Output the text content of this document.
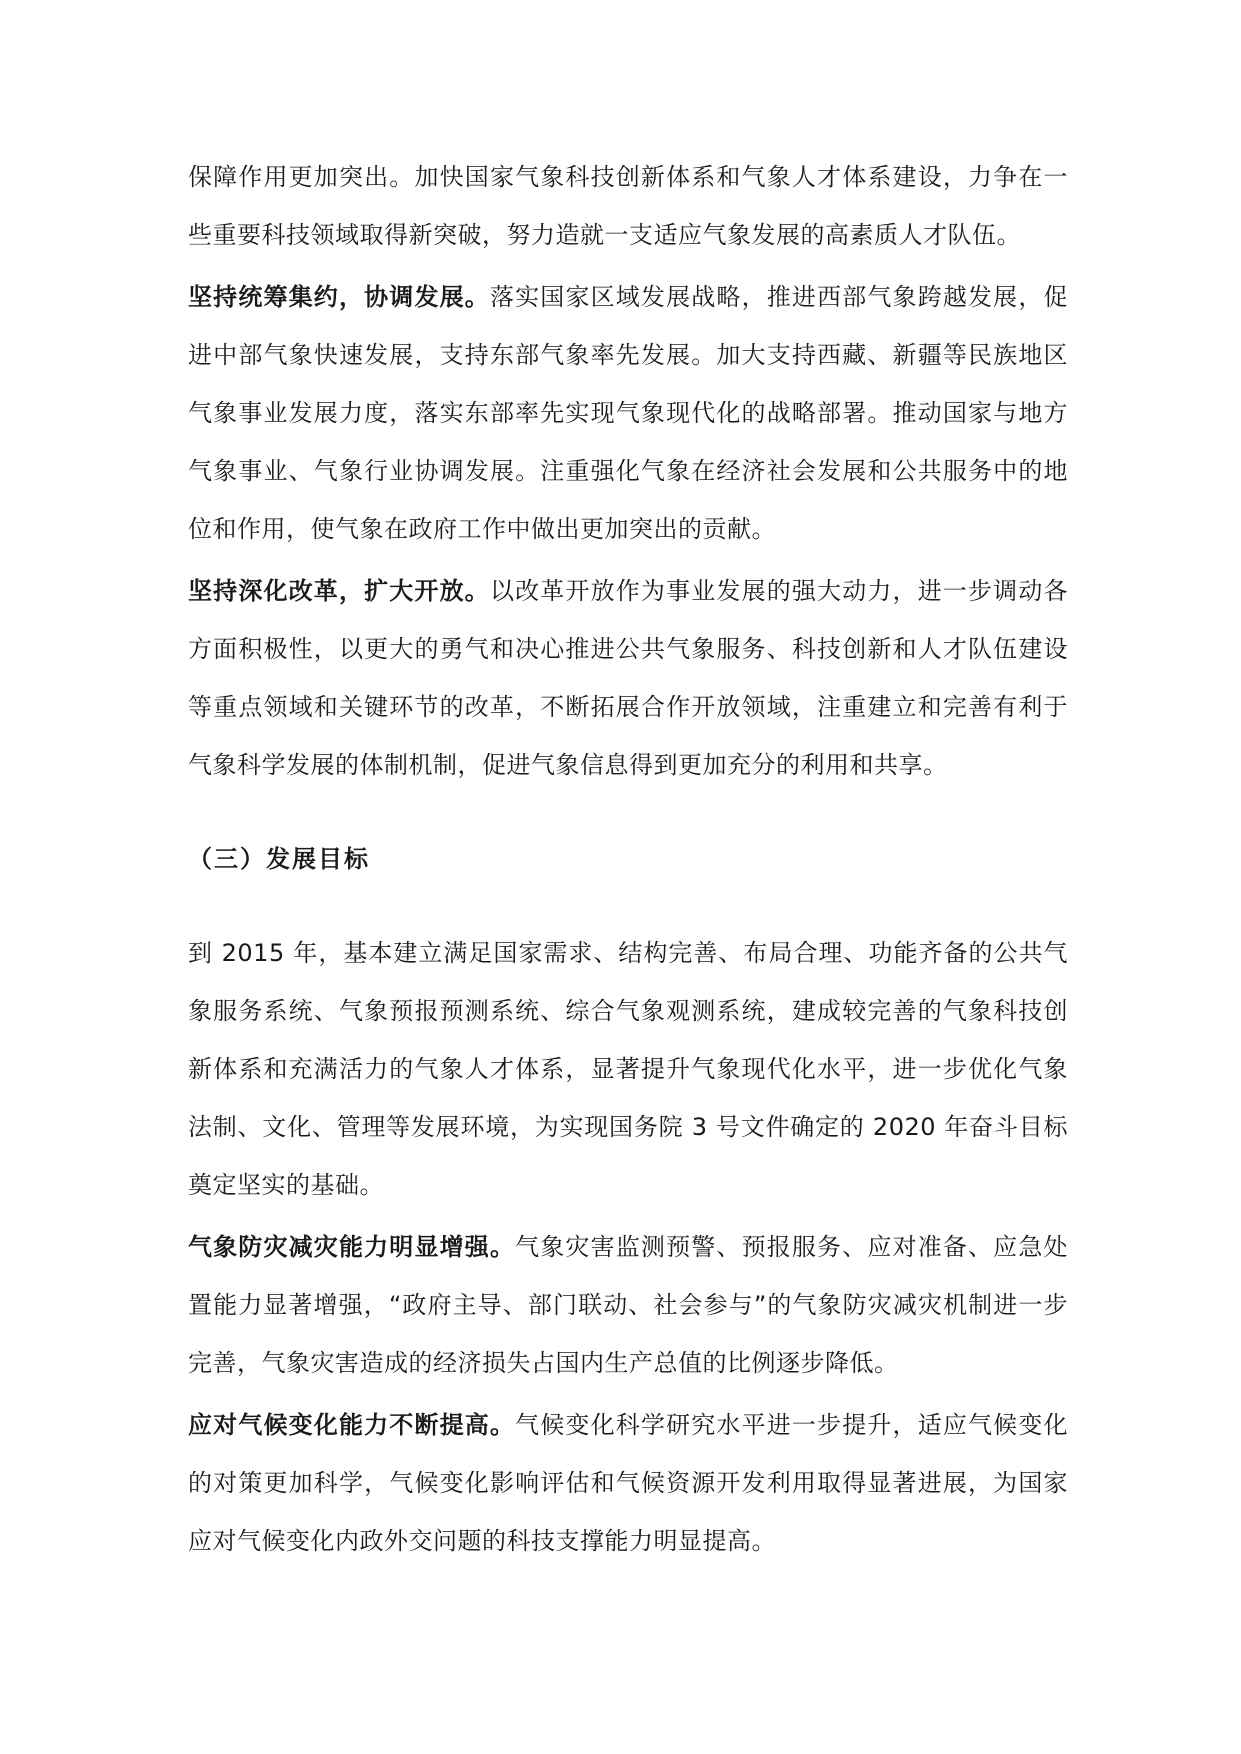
保障作用更加突出。加快国家气象科技创新体系和气象人才体系建设，力争在一些重要科技领域取得新突破，努力造就一支适应气象发展的高素质人才队伍。

坚持统筹集约，协调发展。落实国家区域发展战略，推进西部气象跨越发展，促进中部气象快速发展，支持东部气象率先发展。加大支持西藏、新疆等民族地区气象事业发展力度，落实东部率先实现气象现代化的战略部署。推动国家与地方气象事业、气象行业协调发展。注重强化气象在经济社会发展和公共服务中的地位和作用，使气象在政府工作中做出更加突出的贡献。

坚持深化改革，扩大开放。以改革开放作为事业发展的强大动力，进一步调动各方面积极性，以更大的勇气和决心推进公共气象服务、科技创新和人才队伍建设等重点领域和关键环节的改革，不断拓展合作开放领域，注重建立和完善有利于气象科学发展的体制机制，促进气象信息得到更加充分的利用和共享。

（三）发展目标

到 2015 年，基本建立满足国家需求、结构完善、布局合理、功能齐备的公共气象服务系统、气象预报预测系统、综合气象观测系统，建成较完善的气象科技创新体系和充满活力的气象人才体系，显著提升气象现代化水平，进一步优化气象法制、文化、管理等发展环境，为实现国务院 3 号文件确定的 2020 年奋斗目标奠定坚实的基础。

气象防灾减灾能力明显增强。气象灾害监测预警、预报服务、应对准备、应急处置能力显著增强，“政府主导、部门联动、社会参与”的气象防灾减灾机制进一步完善，气象灾害造成的经济损失占国内生产总值的比例逐步降低。

应对气候变化能力不断提高。气候变化科学研究水平进一步提升，适应气候变化的对策更加科学，气候变化影响评估和气候资源开发利用取得显著进展，为国家应对气候变化内政外交问题的科技支撑能力明显提高。
